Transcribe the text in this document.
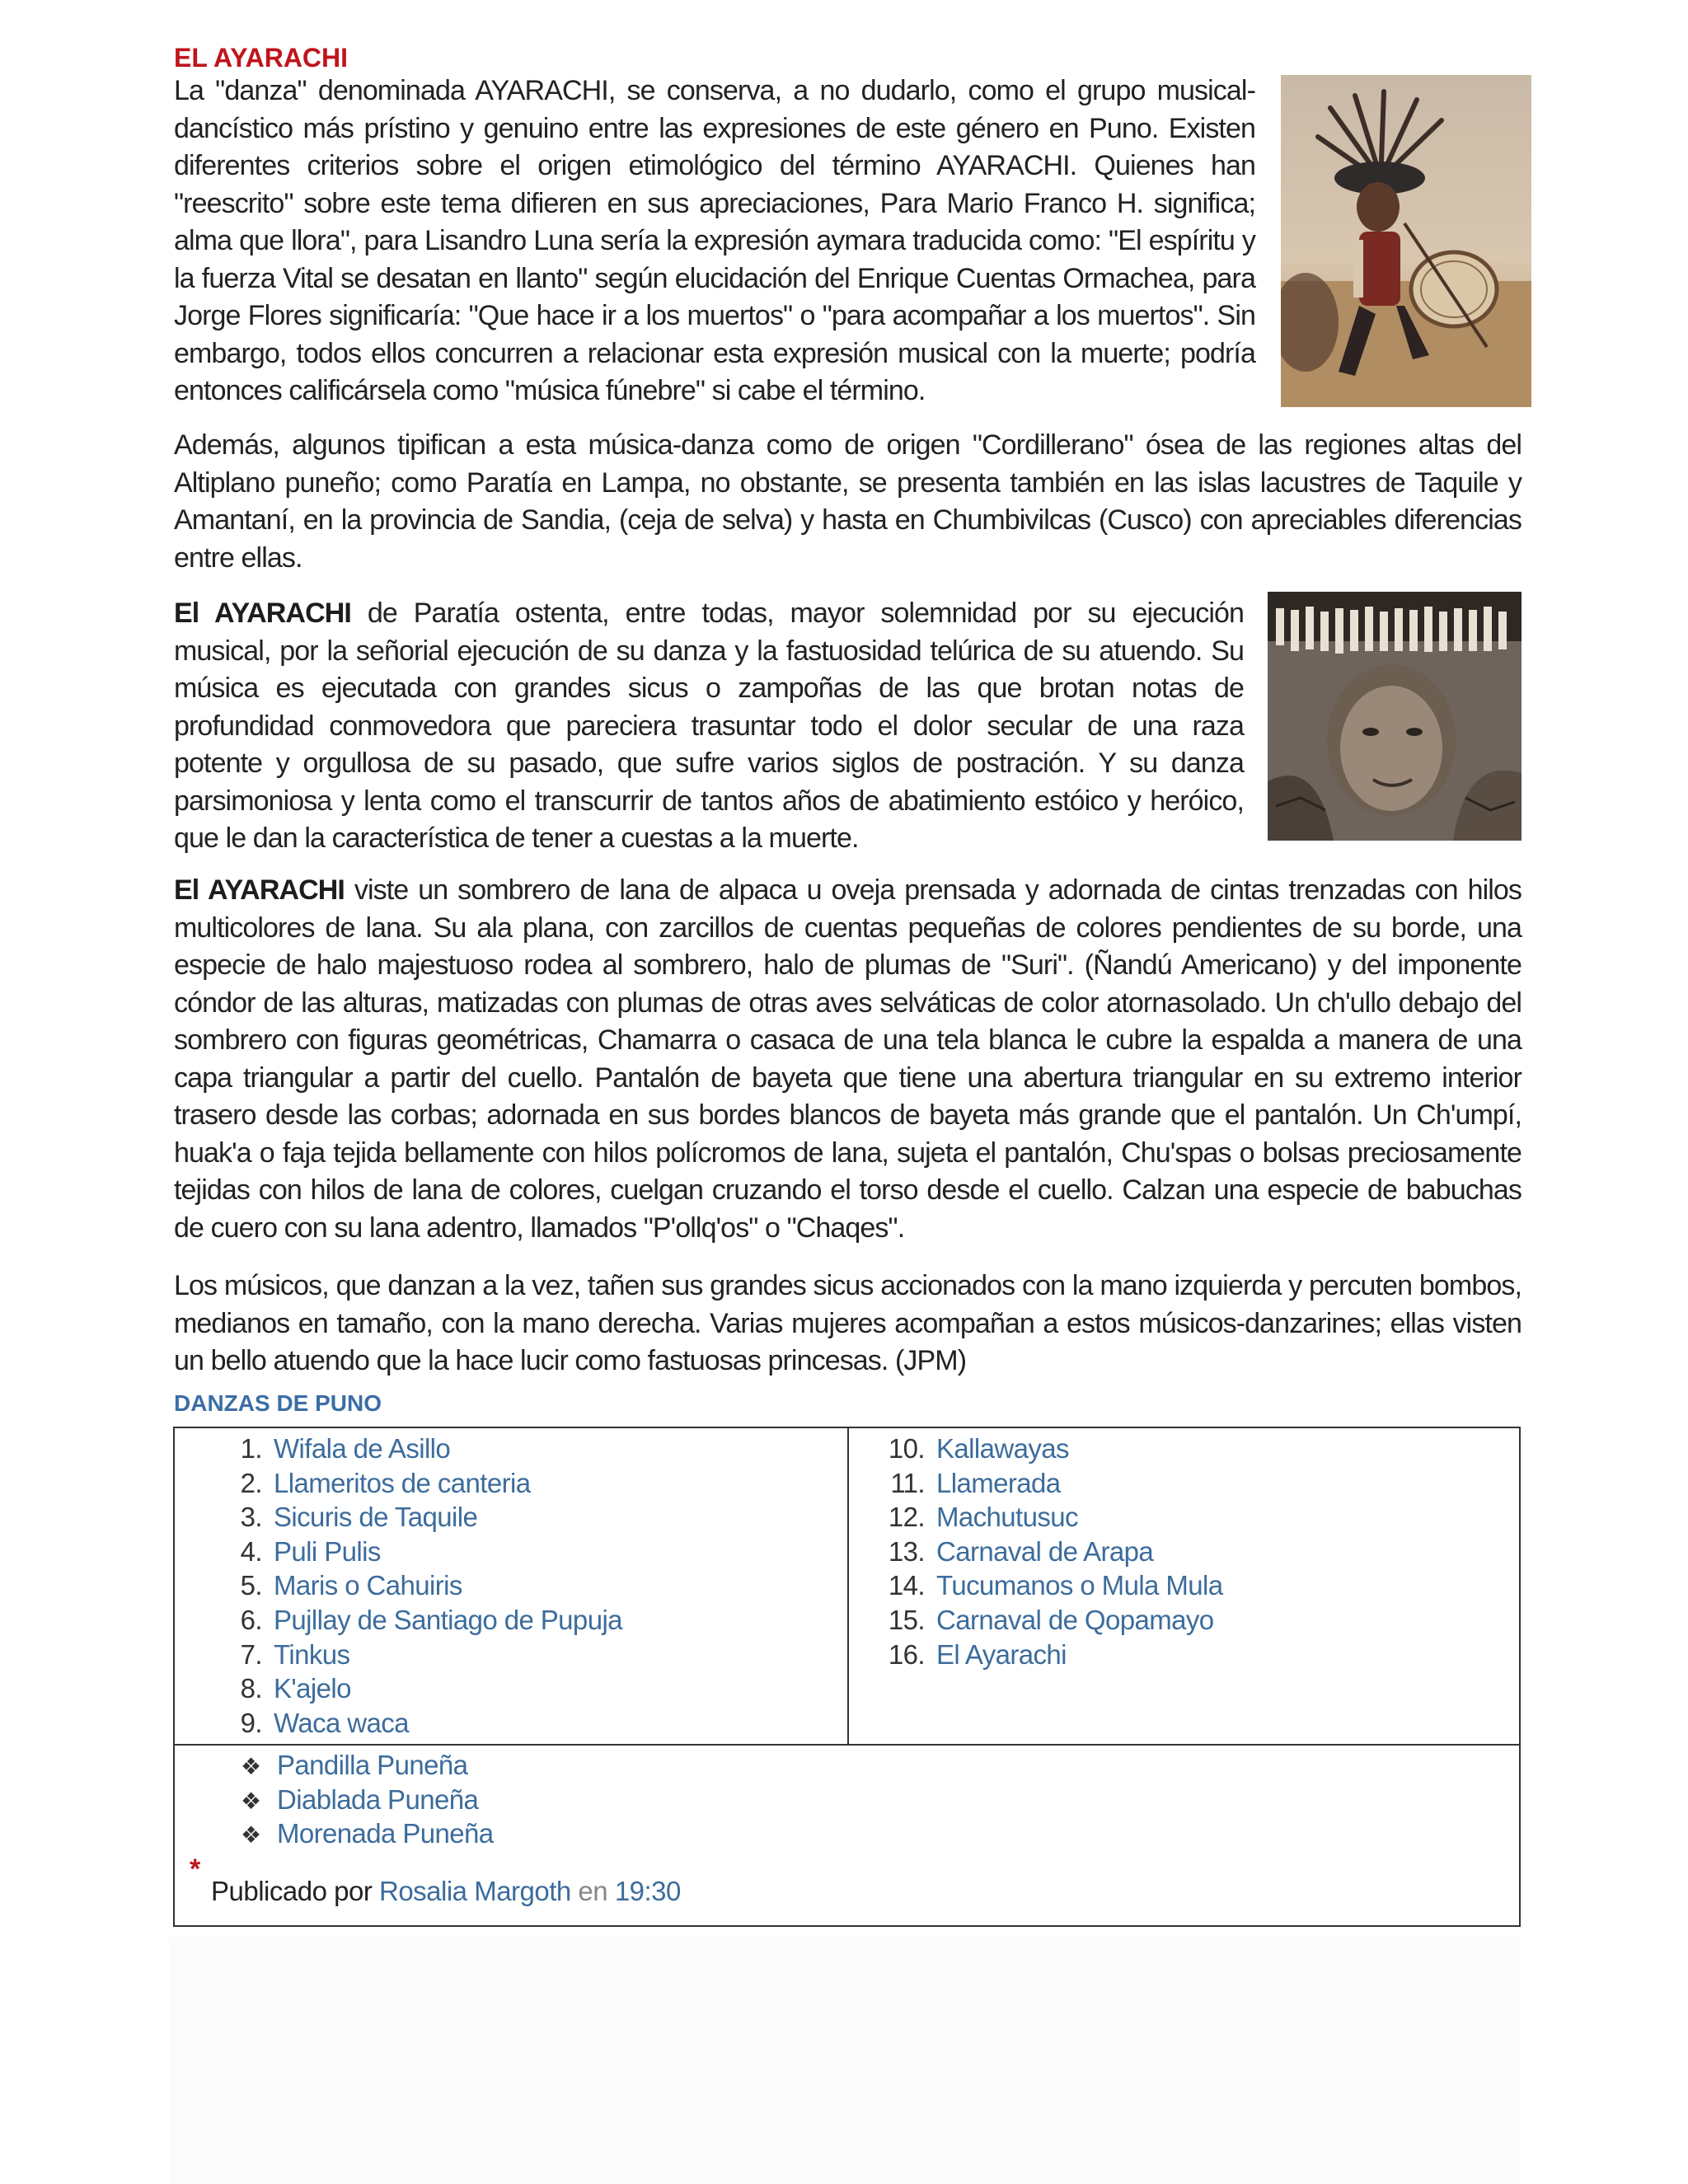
EL AYARACHI

La "danza" denominada AYARACHI, se conserva, a no dudarlo, como el grupo musical-dancístico más prístino y genuino entre las expresiones de este género en Puno. Existen diferentes criterios sobre el origen etimológico del término AYARACHI. Quienes han "reescrito" sobre este tema difieren en sus apreciaciones, Para Mario Franco H. significa; alma que llora", para Lisandro Luna sería la expresión aymara traducida como: "El espíritu y la fuerza Vital se desatan en llanto" según elucidación del Enrique Cuentas Ormachea, para Jorge Flores significaría: "Que hace ir a los muertos" o "para acompañar a los muertos". Sin embargo, todos ellos concurren a relacionar esta expresión musical con la muerte; podría entonces calificársela como "música fúnebre" si cabe el término.

Además, algunos tipifican a esta música-danza como de origen "Cordillerano" ósea de las regiones altas del Altiplano puneño; como Paratía en Lampa, no obstante, se presenta también en las islas lacustres de Taquile y Amantaní, en la provincia de Sandia, (ceja de selva) y hasta en Chumbivilcas (Cusco) con apreciables diferencias entre ellas.

El AYARACHI de Paratía ostenta, entre todas, mayor solemnidad por su ejecución musical, por la señorial ejecución de su danza y la fastuosidad telúrica de su atuendo. Su música es ejecutada con grandes sicus o zampoñas de las que brotan notas de profundidad conmovedora que pareciera trasuntar todo el dolor secular de una raza potente y orgullosa de su pasado, que sufre varios siglos de postración. Y su danza parsimoniosa y lenta como el transcurrir de tantos años de abatimiento estóico y heróico, que le dan la característica de tener a cuestas a la muerte.

El AYARACHI viste un sombrero de lana de alpaca u oveja prensada y adornada de cintas trenzadas con hilos multicolores de lana. Su ala plana, con zarcillos de cuentas pequeñas de colores pendientes de su borde, una especie de halo majestuoso rodea al sombrero, halo de plumas de "Suri". (Ñandú Americano) y del imponente cóndor de las alturas, matizadas con plumas de otras aves selváticas de color atornasolado. Un ch'ullo debajo del sombrero con figuras geométricas, Chamarra o casaca de una tela blanca le cubre la espalda a manera de una capa triangular a partir del cuello. Pantalón de bayeta que tiene una abertura triangular en su extremo interior trasero desde las corbas; adornada en sus bordes blancos de bayeta más grande que el pantalón. Un Ch'umpí, huak'a o faja tejida bellamente con hilos polícromos de lana, sujeta el pantalón, Chu'spas o bolsas preciosamente tejidas con hilos de lana de colores, cuelgan cruzando el torso desde el cuello. Calzan una especie de babuchas de cuero con su lana adentro, llamados "P'ollq'os" o "Chaqes".

Los músicos, que danzan a la vez, tañen sus grandes sicus accionados con la mano izquierda y percuten bombos, medianos en tamaño, con la mano derecha. Varias mujeres acompañan a estos músicos-danzarines; ellas visten un bello atuendo que la hace lucir como fastuosas princesas. (JPM)

DANZAS DE PUNO
1. Wifala de Asillo
2. Llameritos de canteria
3. Sicuris de Taquile
4. Puli Pulis
5. Maris o Cahuiris
6. Pujllay de Santiago de Pupuja
7. Tinkus
8. K'ajelo
9. Waca waca
10. Kallawayas
11. Llamerada
12. Machutusuc
13. Carnaval de Arapa
14. Tucumanos o Mula Mula
15. Carnaval de Qopamayo
16. El Ayarachi
❖ Pandilla Puneña
❖ Diablada Puneña
❖ Morenada Puneña
*
Publicado por Rosalia Margoth en 19:30
